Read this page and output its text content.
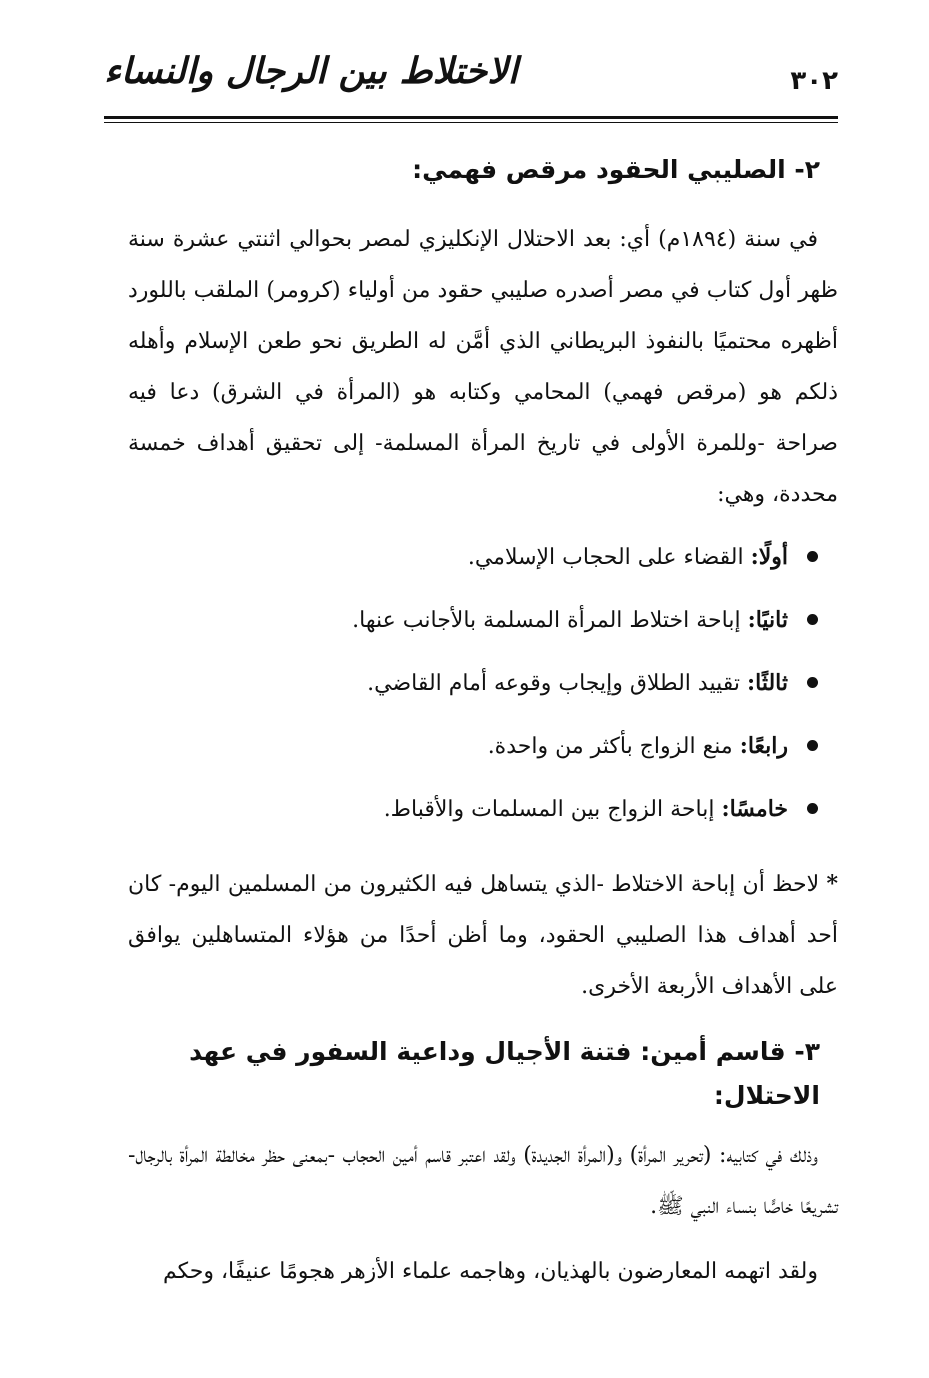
٣٠٢
الاختلاط بين الرجال والنساء
٢- الصليبي الحقود مرقص فهمي:

في سنة (١٨٩٤م) أي: بعد الاحتلال الإنكليزي لمصر بحوالي اثنتي عشرة سنة ظهر أول كتاب في مصر أصدره صليبي حقود من أولياء (كرومر) الملقب باللورد أظهره محتميًا بالنفوذ البريطاني الذي أمَّن له الطريق نحو طعن الإسلام وأهله ذلكم هو (مرقص فهمي) المحامي وكتابه هو (المرأة في الشرق) دعا فيه صراحة -وللمرة الأولى في تاريخ المرأة المسلمة- إلى تحقيق أهداف خمسة محددة، وهي:

أولًا: القضاء على الحجاب الإسلامي.
ثانيًا: إباحة اختلاط المرأة المسلمة بالأجانب عنها.
ثالثًا: تقييد الطلاق وإيجاب وقوعه أمام القاضي.
رابعًا: منع الزواج بأكثر من واحدة.
خامسًا: إباحة الزواج بين المسلمات والأقباط.

* لاحظ أن إباحة الاختلاط -الذي يتساهل فيه الكثيرون من المسلمين اليوم- كان أحد أهداف هذا الصليبي الحقود، وما أظن أحدًا من هؤلاء المتساهلين يوافق على الأهداف الأربعة الأخرى.

٣- قاسم أمين: فتنة الأجيال وداعية السفور في عهد الاحتلال:

وذلك في كتابيه: (تحرير المرأة) و(المرأة الجديدة) ولقد اعتبر قاسم أمين الحجاب -بمعنى حظر مخالطة المرأة بالرجال- تشريعًا خاصًّا بنساء النبي ﷺ.

ولقد اتهمه المعارضون بالهذيان، وهاجمه علماء الأزهر هجومًا عنيفًا، وحكم
